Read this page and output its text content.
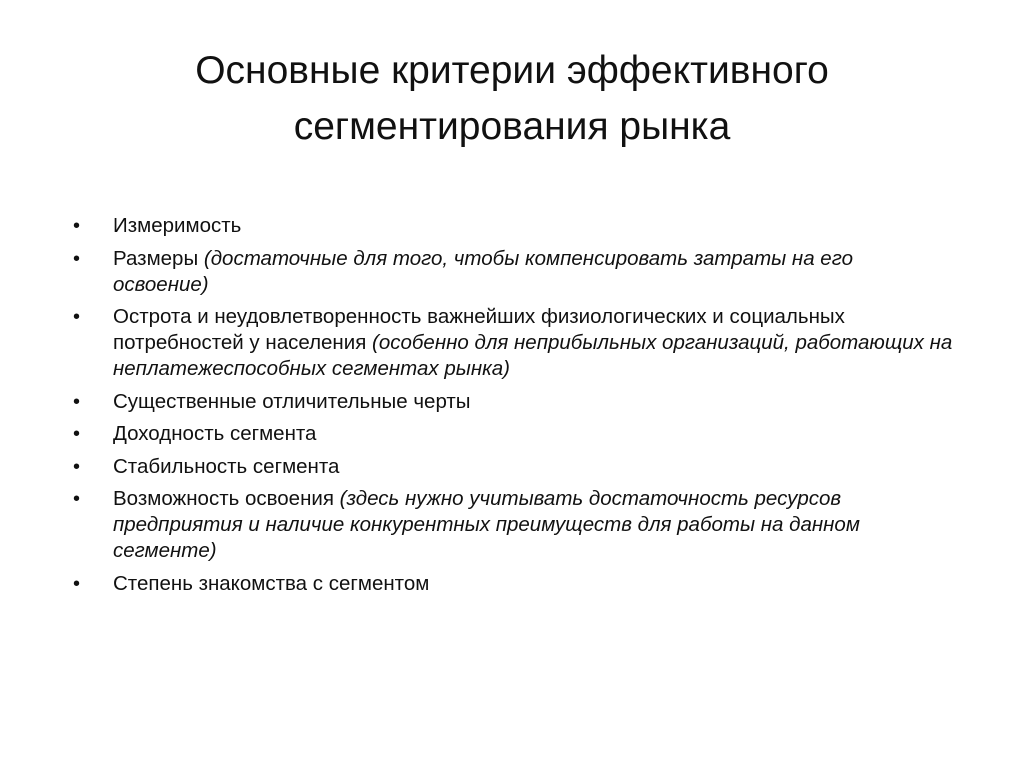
Основные критерии эффективного
сегментирования рынка
•	Измеримость
•	Размеры (достаточные для того, чтобы компенсировать затраты на его освоение)
•	Острота и неудовлетворенность важнейших физиологических и социальных потребностей у населения (особенно для неприбыльных организаций, работающих на неплатежеспособных сегментах рынка)
•	Существенные отличительные черты
•	Доходность сегмента
•	Стабильность сегмента
•	Возможность освоения (здесь нужно учитывать достаточность ресурсов предприятия и наличие конкурентных преимуществ для работы на данном сегменте)
•	Степень знакомства с сегментом
